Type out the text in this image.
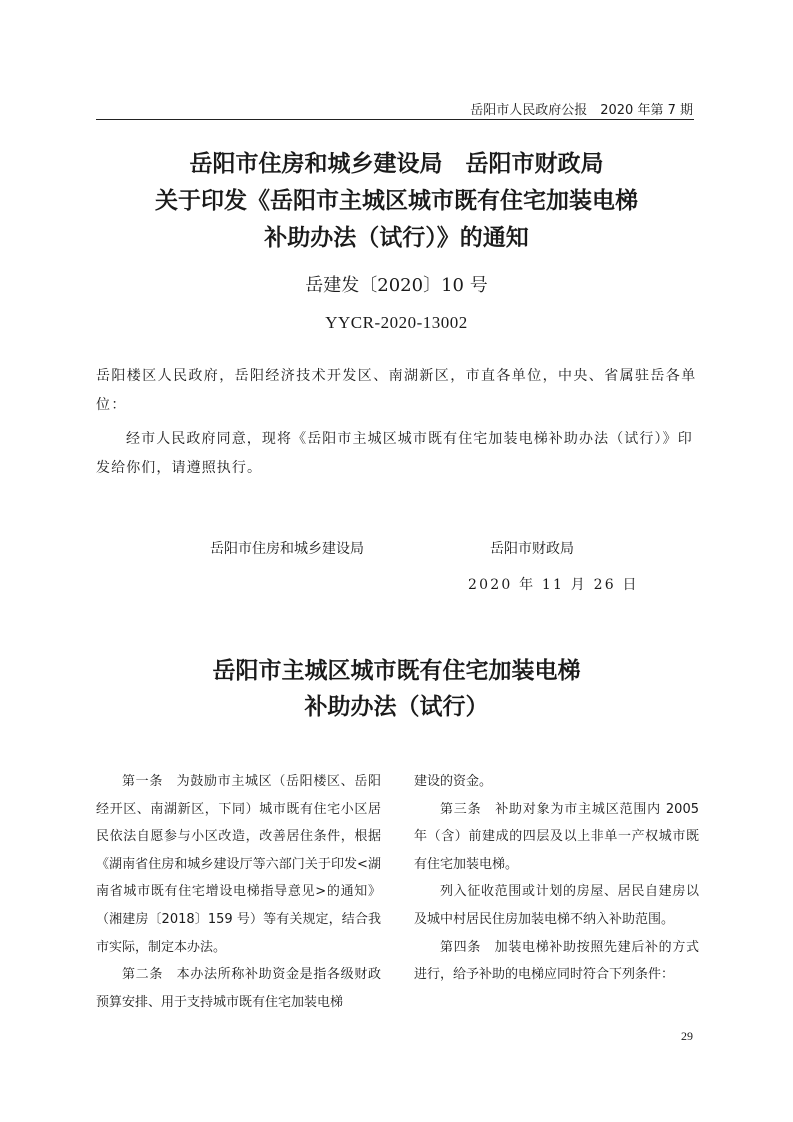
岳阳市人民政府公报　2020 年第 7 期
岳阳市住房和城乡建设局　岳阳市财政局
关于印发《岳阳市主城区城市既有住宅加装电梯
补助办法（试行）》的通知
岳建发〔2020〕10 号
YYCR-2020-13002

岳阳楼区人民政府，岳阳经济技术开发区、南湖新区，市直各单位，中央、省属驻岳各单位：

经市人民政府同意，现将《岳阳市主城区城市既有住宅加装电梯补助办法（试行）》印发给你们，请遵照执行。

岳阳市住房和城乡建设局	岳阳市财政局
2020 年 11 月 26 日
岳阳市主城区城市既有住宅加装电梯
补助办法（试行）

第一条　为鼓励市主城区（岳阳楼区、岳阳经开区、南湖新区，下同）城市既有住宅小区居民依法自愿参与小区改造，改善居住条件，根据《湖南省住房和城乡建设厅等六部门关于印发<湖南省城市既有住宅增设电梯指导意见>的通知》（湘建房〔2018〕159 号）等有关规定，结合我市实际，制定本办法。

第二条　本办法所称补助资金是指各级财政预算安排、用于支持城市既有住宅加装电梯

建设的资金。

第三条　补助对象为市主城区范围内 2005 年（含）前建成的四层及以上非单一产权城市既有住宅加装电梯。

列入征收范围或计划的房屋、居民自建房以及城中村居民住房加装电梯不纳入补助范围。

第四条　加装电梯补助按照先建后补的方式进行，给予补助的电梯应同时符合下列条件：

29
